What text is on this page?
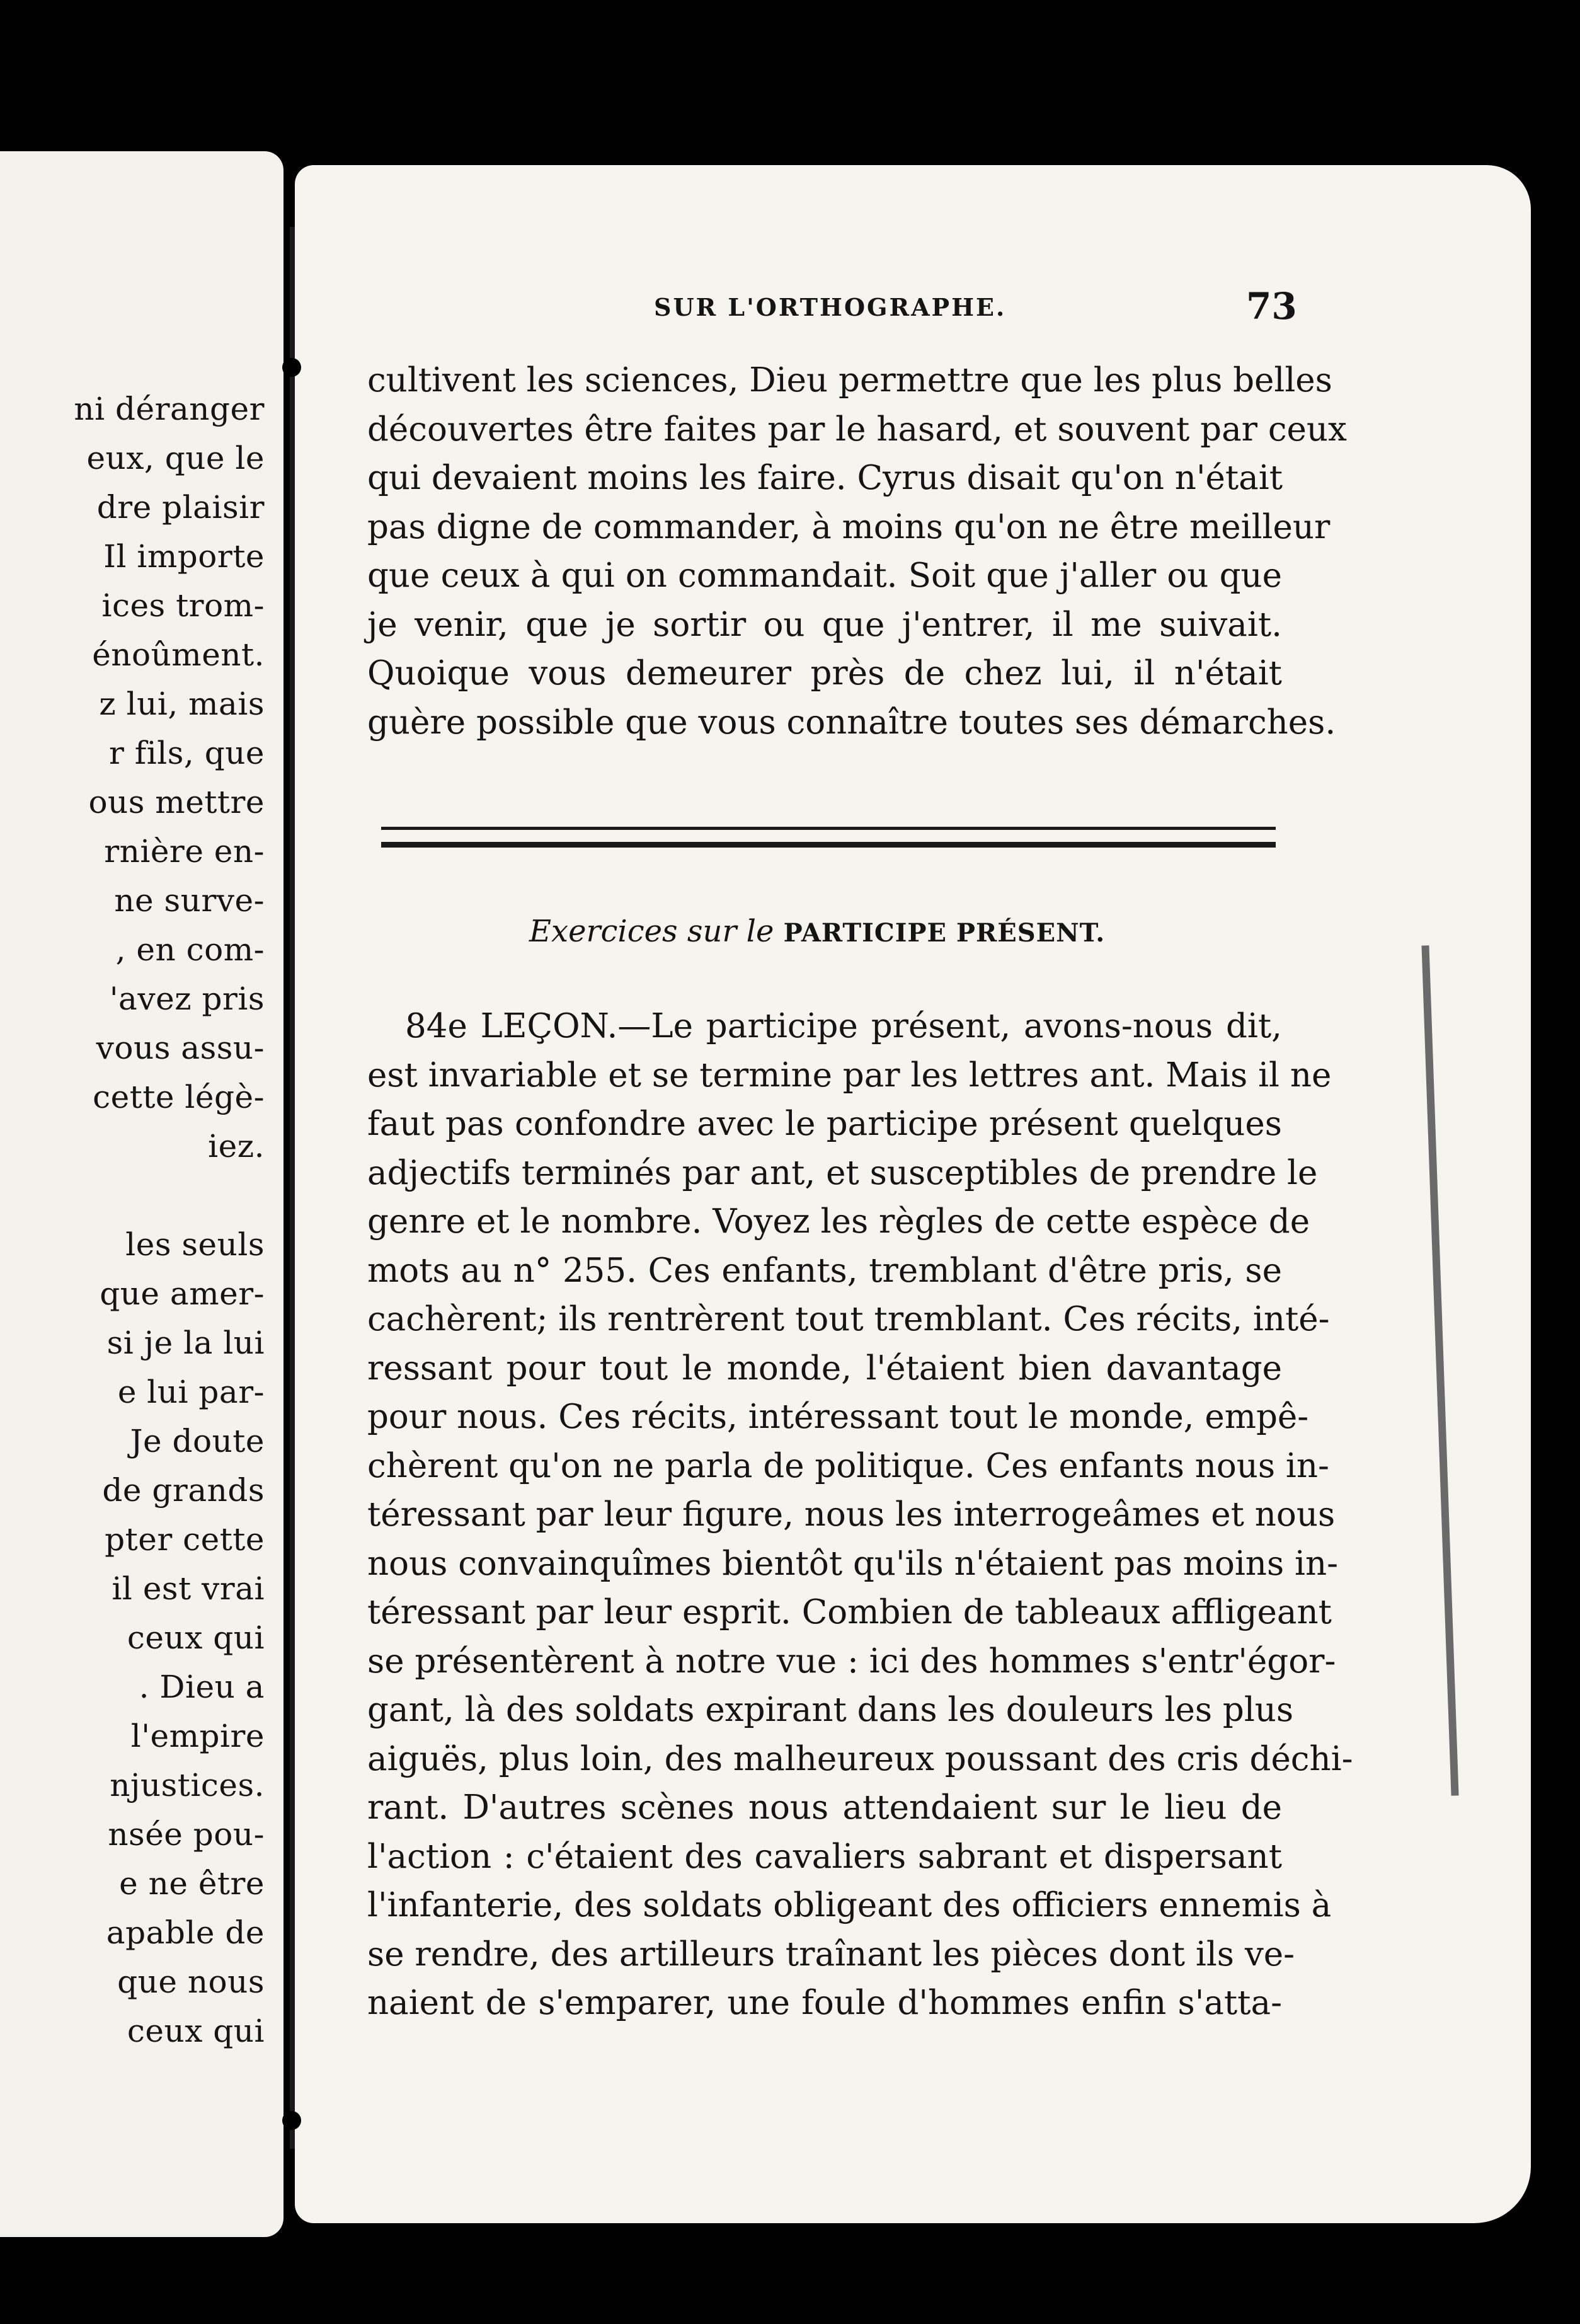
ni déranger
eux, que le
dre plaisir
Il importe
ices trom-
énoûment.
z lui, mais
r fils, que
ous mettre
rnière en-
ne surve-
, en com-
'avez pris
vous assu-
cette légè-
iez.
les seuls
que amer-
si je la lui
e lui par-
Je doute
de grands
pter cette
il est vrai
ceux qui
. Dieu a
l'empire
njustices.
nsée pou-
e ne être
apable de
que nous
ceux qui
SUR L'ORTHOGRAPHE.	73
cultivent les sciences, Dieu permettre que les plus belles
découvertes être faites par le hasard, et souvent par ceux
qui devaient moins les faire. Cyrus disait qu'on n'était
pas digne de commander, à moins qu'on ne être meilleur
que ceux à qui on commandait. Soit que j'aller ou que
je venir, que je sortir ou que j'entrer, il me suivait.
Quoique vous demeurer près de chez lui, il n'était
guère possible que vous connaître toutes ses démarches.
Exercices sur le PARTICIPE PRÉSENT.
84e LEÇON.—Le participe présent, avons-nous dit,
est invariable et se termine par les lettres ant. Mais il ne
faut pas confondre avec le participe présent quelques
adjectifs terminés par ant, et susceptibles de prendre le
genre et le nombre. Voyez les règles de cette espèce de
mots au n° 255. Ces enfants, tremblant d'être pris, se
cachèrent; ils rentrèrent tout tremblant. Ces récits, inté-
ressant pour tout le monde, l'étaient bien davantage
pour nous. Ces récits, intéressant tout le monde, empê-
chèrent qu'on ne parla de politique. Ces enfants nous in-
téressant par leur figure, nous les interrogeâmes et nous
nous convainquîmes bientôt qu'ils n'étaient pas moins in-
téressant par leur esprit. Combien de tableaux affligeant
se présentèrent à notre vue : ici des hommes s'entr'égor-
gant, là des soldats expirant dans les douleurs les plus
aiguës, plus loin, des malheureux poussant des cris déchi-
rant. D'autres scènes nous attendaient sur le lieu de
l'action : c'étaient des cavaliers sabrant et dispersant
l'infanterie, des soldats obligeant des officiers ennemis à
se rendre, des artilleurs traînant les pièces dont ils ve-
naient de s'emparer, une foule d'hommes enfin s'atta-
